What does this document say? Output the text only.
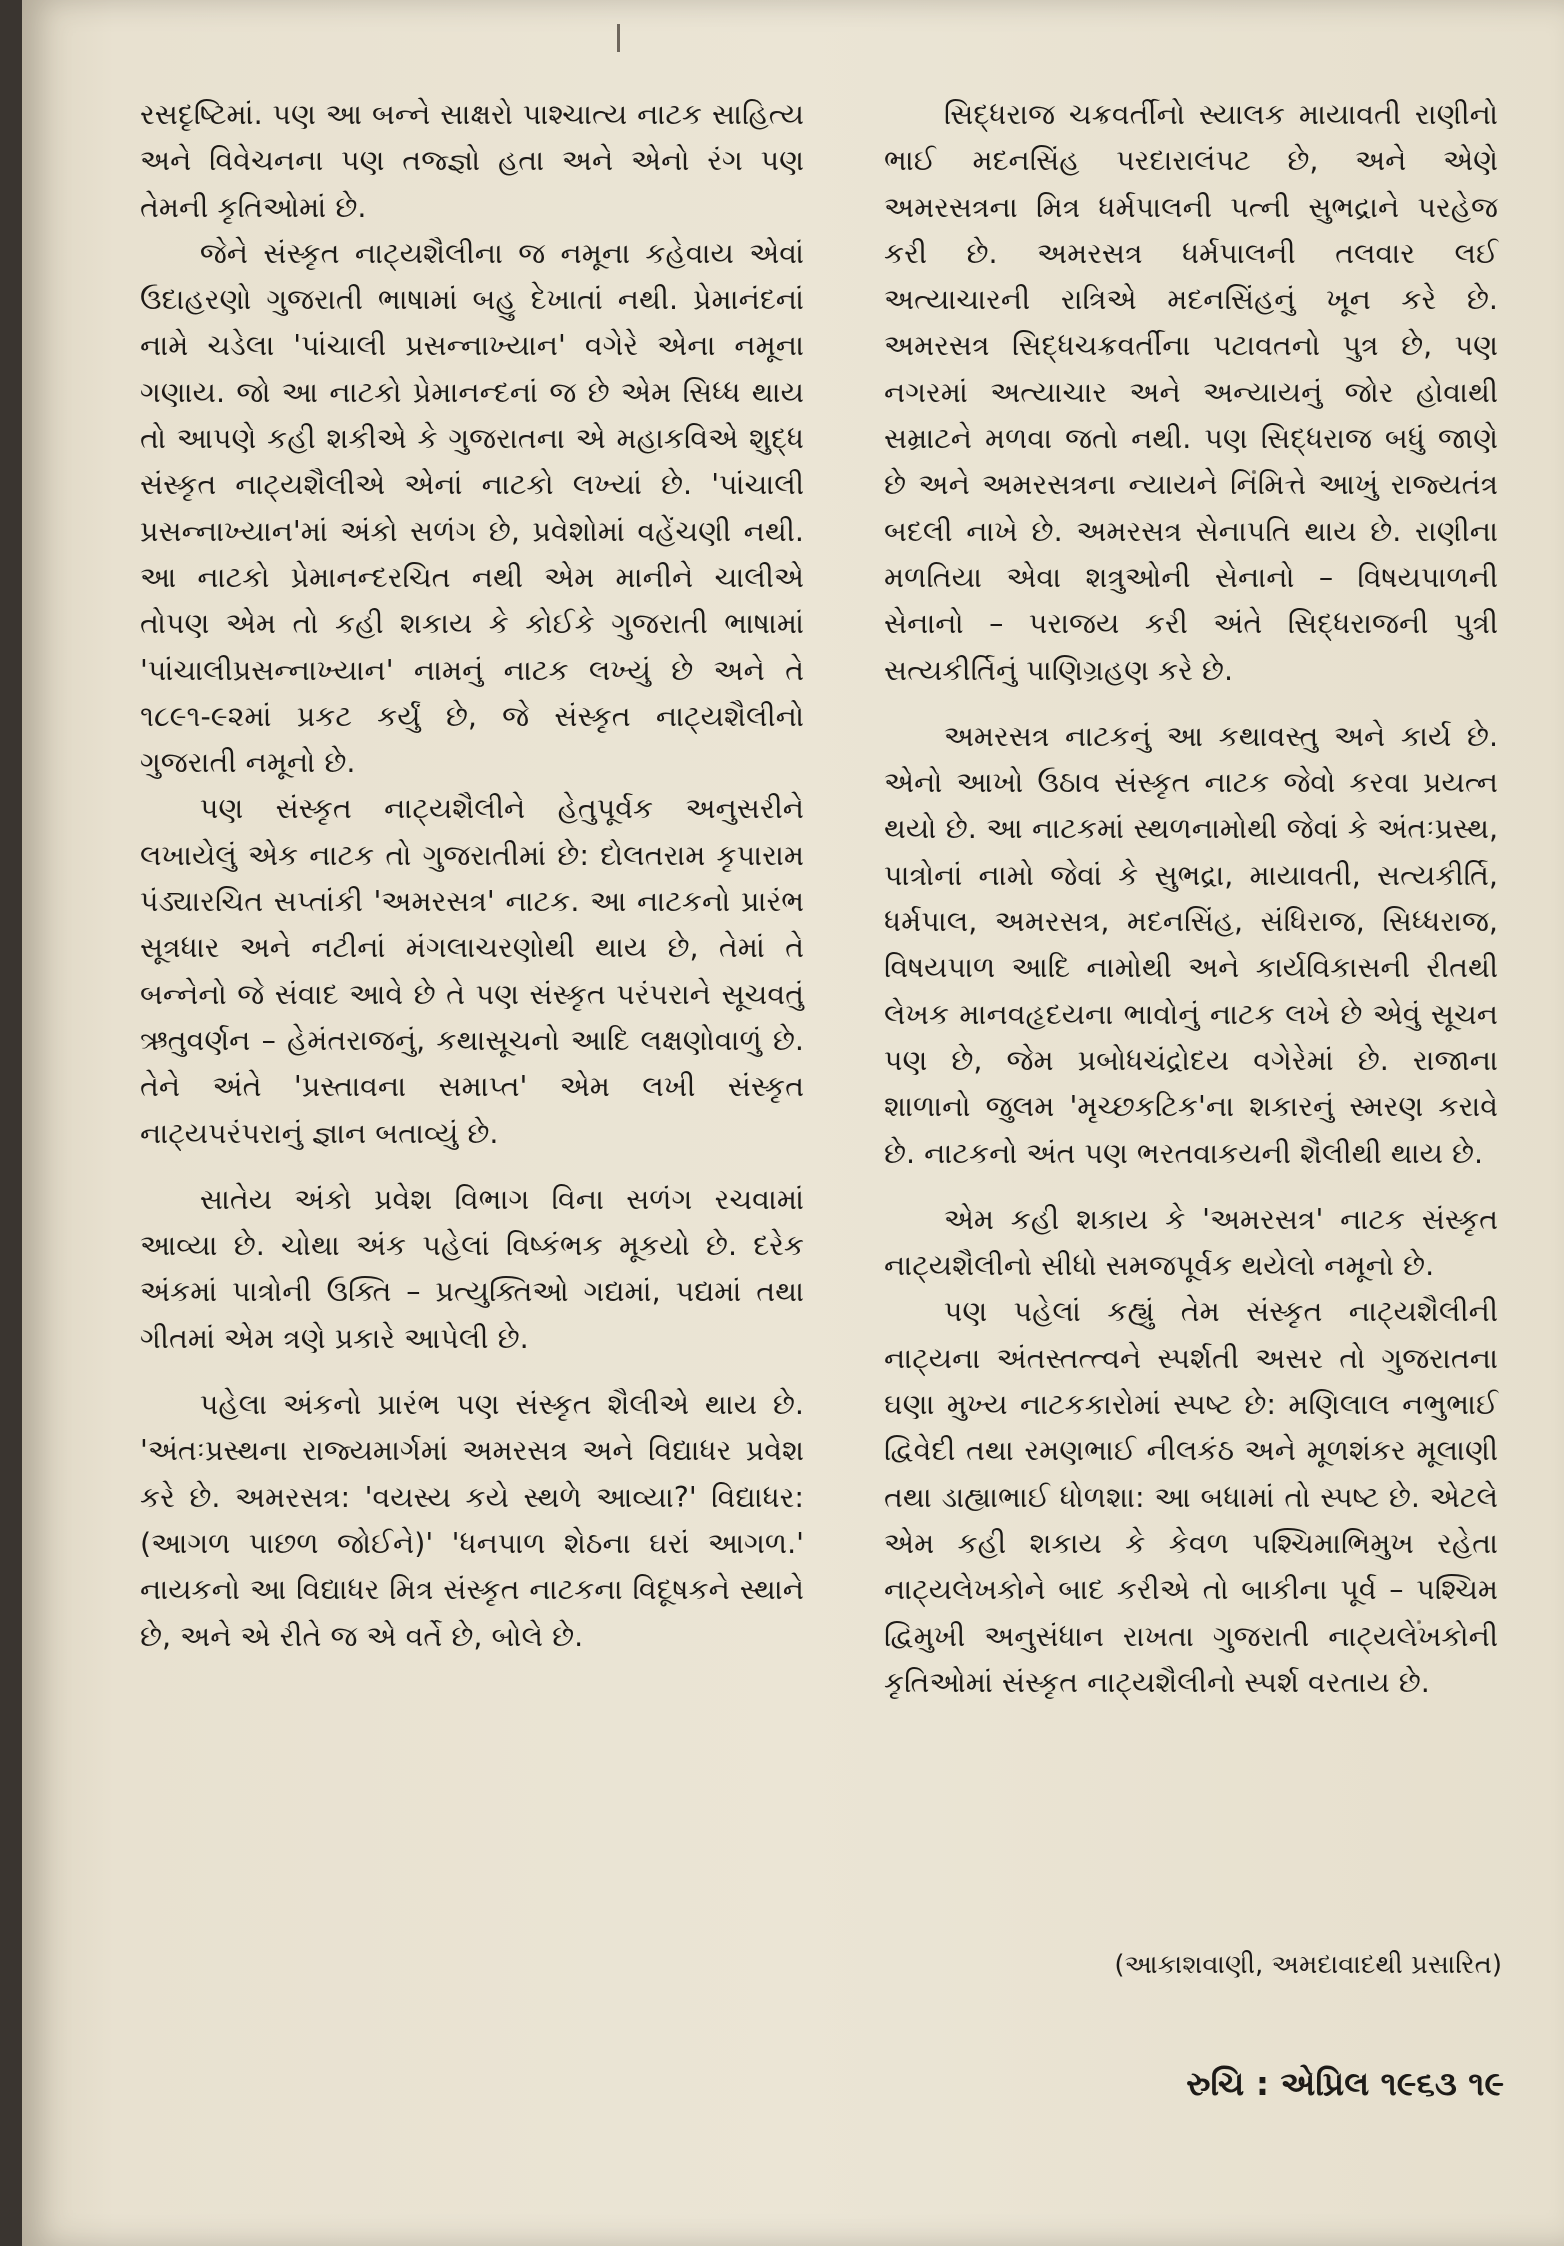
રસદૃષ્ટિમાં. પણ આ બન્ને સાક્ષરો પાશ્ચાત્ય નાટક સાહિત્ય અને વિવેચનના પણ તજ્જ્ઞો હતા અને એનો રંગ પણ તેમની કૃતિઓમાં છે.

જેને સંસ્કૃત નાટ્યશૈલીના જ નમૂના કહેવાય એવાં ઉદાહરણો ગુજરાતી ભાષામાં બહુ દેખાતાં નથી. પ્રેમાનંદનાં નામે ચડેલા 'પાંચાલી પ્રસન્નાખ્યાન' વગેરે એના નમૂના ગણાય. જો આ નાટકો પ્રેમાનન્દનાં જ છે એમ સિધ્ધ થાય તો આપણે કહી શકીએ કે ગુજરાતના એ મહાકવિએ શુદ્ધ સંસ્કૃત નાટ્યશૈલીએ એનાં નાટકો લખ્યાં છે. 'પાંચાલી પ્રસન્નાખ્યાન'માં અંકો સળંગ છે, પ્રવેશોમાં વહેંચણી નથી. આ નાટકો પ્રેમાનન્દરચિત નથી એમ માનીને ચાલીએ તોપણ એમ તો કહી શકાય કે કોઈકે ગુજરાતી ભાષામાં 'પાંચાલીપ્રસન્નાખ્યાન' નામનું નાટક લખ્યું છે અને તે ૧૮૯૧-૯૨માં પ્રકટ કર્યું છે, જે સંસ્કૃત નાટ્યશૈલીનો ગુજરાતી નમૂનો છે.

પણ સંસ્કૃત નાટ્યશૈલીને હેતુપૂર્વક અનુસરીને લખાયેલું એક નાટક તો ગુજરાતીમાં છે: દોલતરામ કૃપારામ પંડ્યારચિત સપ્તાંકી 'અમરસત્ર' નાટક. આ નાટકનો પ્રારંભ સૂત્રધાર અને નટીનાં મંગલાચરણોથી થાય છે, તેમાં તે બન્નેનો જે સંવાદ આવે છે તે પણ સંસ્કૃત પરંપરાને સૂચવતું ઋતુવર્ણન – હેમંતરાજનું, કથાસૂચનો આદિ લક્ષણોવાળું છે. તેને અંતે 'પ્રસ્તાવના સમાપ્ત' એમ લખી સંસ્કૃત નાટ્યપરંપરાનું જ્ઞાન બતાવ્યું છે.

સાતેય અંકો પ્રવેશ વિભાગ વિના સળંગ રચવામાં આવ્યા છે. ચોથા અંક પહેલાં વિષ્કંભક મૂકયો છે. દરેક અંકમાં પાત્રોની ઉક્તિ – પ્રત્યુક્તિઓ ગદ્યમાં, પદ્યમાં તથા ગીતમાં એમ ત્રણે પ્રકારે આપેલી છે.

પહેલા અંકનો પ્રારંભ પણ સંસ્કૃત શૈલીએ થાય છે. 'અંતઃપ્રસ્થના રાજ્યમાર્ગમાં અમરસત્ર અને વિદ્યાધર પ્રવેશ કરે છે. અમરસત્ર: 'વયસ્ય કયે સ્થળે આવ્યા?' વિદ્યાધર: (આગળ પાછળ જોઈને)' 'ધનપાળ શેઠના ઘરાં આગળ.' નાયકનો આ વિદ્યાધર મિત્ર સંસ્કૃત નાટકના વિદૂષકને સ્થાને છે, અને એ રીતે જ એ વર્તે છે, બોલે છે.

સિદ્ધરાજ ચક્રવર્તીનો સ્યાલક માયાવતી રાણીનો ભાઈ મદનસિંહ પરદારાલંપટ છે, અને એણે અમરસત્રના મિત્ર ધર્મપાલની પત્ની સુભદ્રાને પરહેજ કરી છે. અમરસત્ર ધર્મપાલની તલવાર લઈ અત્યાચારની રાત્રિએ મદનસિંહનું ખૂન કરે છે. અમરસત્ર સિદ્ધચક્રવર્તીના પટાવતનો પુત્ર છે, પણ નગરમાં અત્યાચાર અને અન્યાયનું જોર હોવાથી સમ્રાટને મળવા જતો નથી. પણ સિદ્ધરાજ બધું જાણે છે અને અમરસત્રના ન્યાયને નિમિત્તે આખું રાજ્યતંત્ર બદલી નાખે છે. અમરસત્ર સેનાપતિ થાય છે. રાણીના મળતિયા એવા શત્રુઓની સેનાનો – વિષયપાળની સેનાનો – પરાજય કરી અંતે સિદ્ધરાજની પુત્રી સત્યકીર્તિનું પાણિગ્રહણ કરે છે.

અમરસત્ર નાટકનું આ કથાવસ્તુ અને કાર્ય છે. એનો આખો ઉઠાવ સંસ્કૃત નાટક જેવો કરવા પ્રયત્ન થયો છે. આ નાટકમાં સ્થળનામોથી જેવાં કે અંતઃપ્રસ્થ, પાત્રોનાં નામો જેવાં કે સુભદ્રા, માયાવતી, સત્યકીર્તિ, ધર્મપાલ, અમરસત્ર, મદનસિંહ, સંધિરાજ, સિધ્ધરાજ, વિષયપાળ આદિ નામોથી અને કાર્યવિકાસની રીતથી લેખક માનવહૃદયના ભાવોનું નાટક લખે છે એવું સૂચન પણ છે, જેમ પ્રબોધચંદ્રોદય વગેરેમાં છે. રાજાના શાળાનો જુલમ 'મૃચ્છકટિક'ના શકારનું સ્મરણ કરાવે છે. નાટકનો અંત પણ ભરતવાકયની શૈલીથી થાય છે.

એમ કહી શકાય કે 'અમરસત્ર' નાટક સંસ્કૃત નાટ્યશૈલીનો સીધો સમજપૂર્વક થયેલો નમૂનો છે.

પણ પહેલાં કહ્યું તેમ સંસ્કૃત નાટ્યશૈલીની નાટ્યના અંતસ્તત્ત્વને સ્પર્શતી અસર તો ગુજરાતના ઘણા મુખ્ય નાટકકારોમાં સ્પષ્ટ છે: મણિલાલ નભુભાઈ દ્વિવેદી તથા રમણભાઈ નીલકંઠ અને મૂળશંકર મૂલાણી તથા ડાહ્યાભાઈ ધોળશા: આ બધામાં તો સ્પષ્ટ છે. એટલે એમ કહી શકાય કે કેવળ પશ્ચિમાભિમુખ રહેતા નાટ્યલેખકોને બાદ કરીએ તો બાકીના પૂર્વ – પશ્ચિમ દ્વિમુખી અનુસંધાન રાખતા ગુજરાતી નાટ્યલેખકોની કૃતિઓમાં સંસ્કૃત નાટ્યશૈલીનો સ્પર્શ વરતાય છે.

(આકાશવાણી, અમદાવાદથી પ્રસારિત)
રુચિ : એપ્રિલ ૧૯૬૩ ૧૯
